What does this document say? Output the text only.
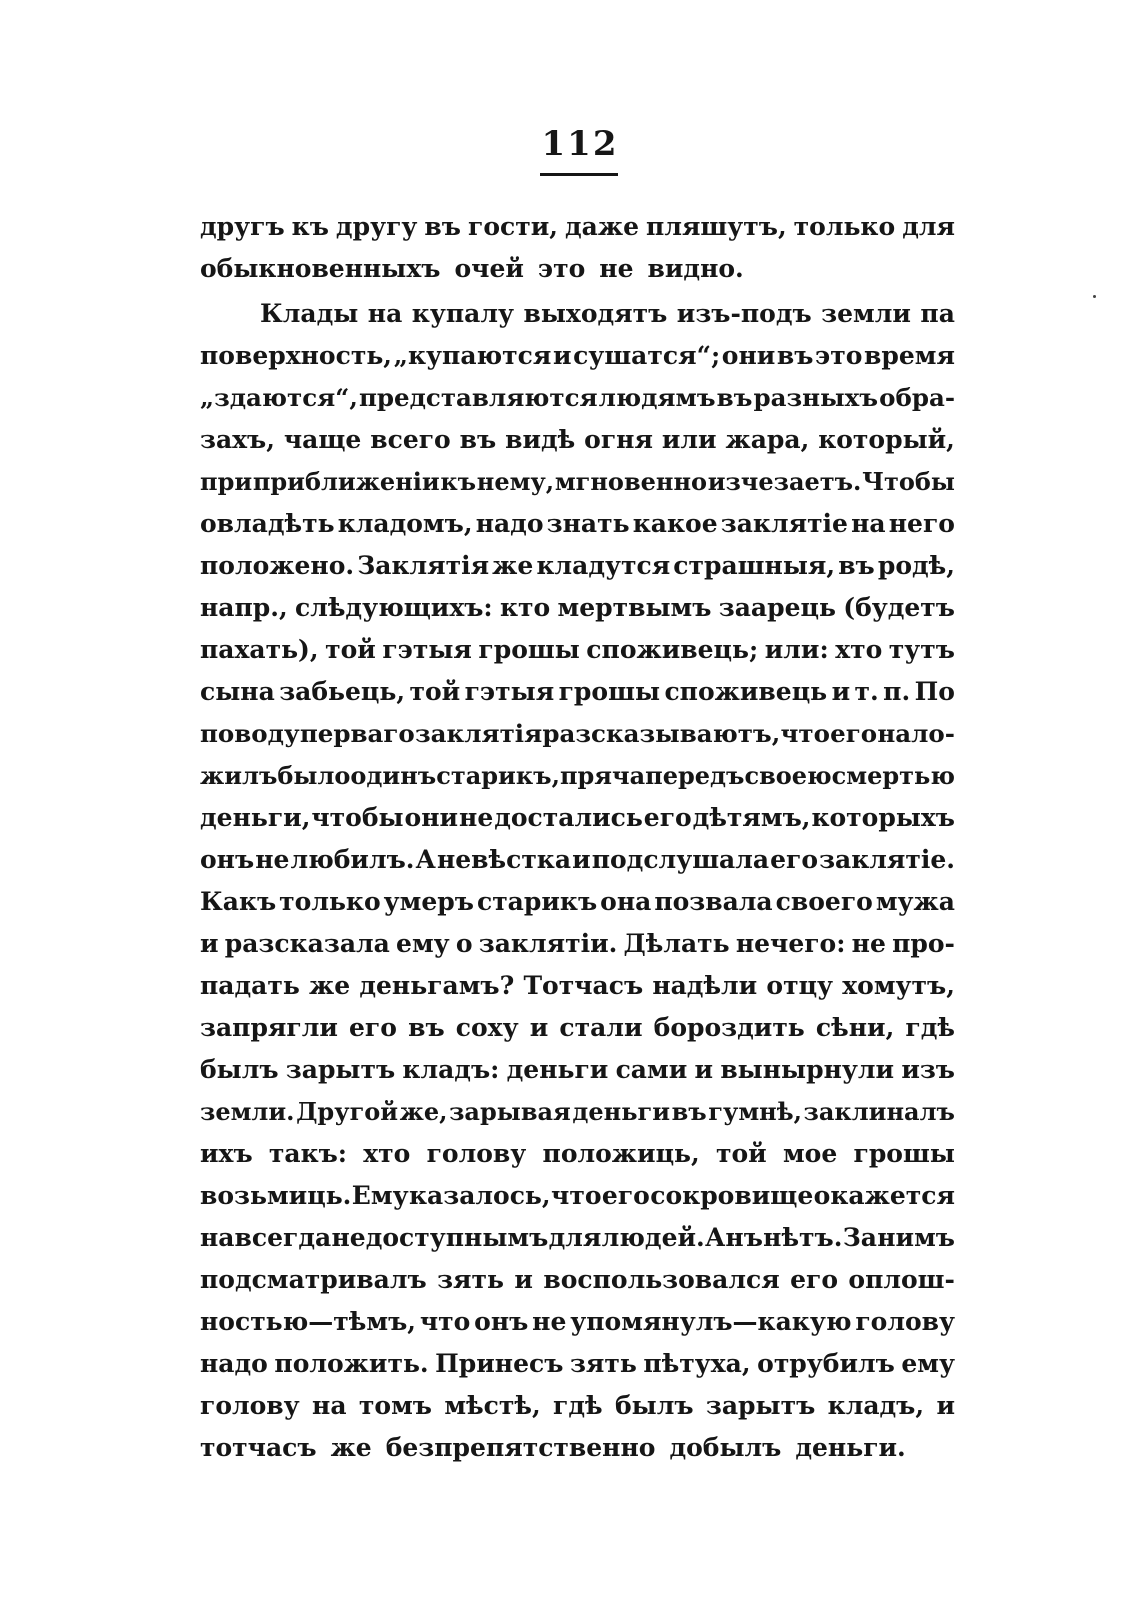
112
другъ къ другу въ гости, даже пляшутъ, только для
обыкновенныхъ очей это не видно.
Клады на купалу выходятъ изъ-подъ земли па
поверхность, „купаются и сушатся“; они въ это время
„здаются“, представляются людямъ въ разныхъ обра-
захъ, чаще всего въ видѣ огня или жара, который,
при приближеніи къ нему, мгновенно изчезаетъ. Чтобы
овладѣть кладомъ, надо знать какое заклятіе на него
положено. Заклятія же кладутся страшныя, въ родѣ,
напр., слѣдующихъ: кто мертвымъ заарець (будетъ
пахать), той гэтыя грошы споживець; или: хто тутъ
сына забьець, той гэтыя грошы споживець и т. п. По
поводу перваго заклятія разсказываютъ, что его нало-
жилъ было одинъ старикъ, пряча передъ своею смертью
деньги, чтобы они не достались его дѣтямъ, которыхъ
онъ не любилъ. А невѣстка и подслушала его заклятіе.
Какъ только умеръ старикъ она позвала своего мужа
и разсказала ему о заклятіи. Дѣлать нечего: не про-
падать же деньгамъ? Тотчасъ надѣли отцу хомутъ,
запрягли его въ соху и стали бороздить сѣни, гдѣ
былъ зарытъ кладъ: деньги сами и вынырнули изъ
земли. Другой же, зарывая деньги въ гумнѣ, заклиналъ
ихъ такъ: хто голову положиць, той мое грошы
возьмиць. Ему казалось, что его сокровище окажется
навсегда недоступнымъ для людей. Анъ нѣтъ. За нимъ
подсматривалъ зять и воспользовался его оплош-
ностью—тѣмъ, что онъ не упомянулъ—какую голову
надо положить. Принесъ зять пѣтуха, отрубилъ ему
голову на томъ мѣстѣ, гдѣ былъ зарытъ кладъ, и
тотчасъ же безпрепятственно добылъ деньги.
